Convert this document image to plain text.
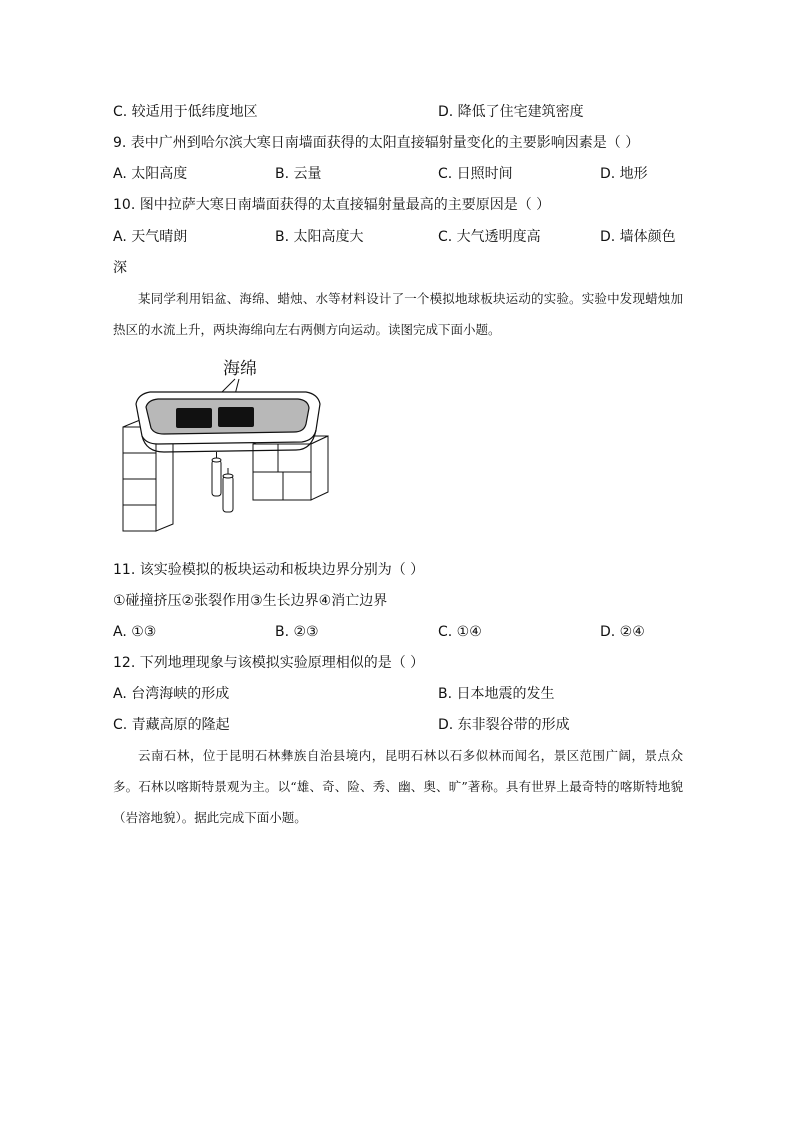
C. 较适用于低纬度地区	D. 降低了住宅建筑密度
9. 表中广州到哈尔滨大寒日南墙面获得的太阳直接辐射量变化的主要影响因素是（ ）
A. 太阳高度	B. 云量	C. 日照时间	D. 地形
10. 图中拉萨大寒日南墙面获得的太直接辐射量最高的主要原因是（ ）
A. 天气晴朗	B. 太阳高度大	C. 大气透明度高	D. 墙体颜色
深
某同学利用铝盆、海绵、蜡烛、水等材料设计了一个模拟地球板块运动的实验。实验中发现蜡烛加热区的水流上升，两块海绵向左右两侧方向运动。读图完成下面小题。
海绵
11. 该实验模拟的板块运动和板块边界分别为（ ）
①碰撞挤压②张裂作用③生长边界④消亡边界
A. ①③	B. ②③	C. ①④	D. ②④
12. 下列地理现象与该模拟实验原理相似的是（ ）
A. 台湾海峡的形成	B. 日本地震的发生
C. 青藏高原的隆起	D. 东非裂谷带的形成
云南石林，位于昆明石林彝族自治县境内，昆明石林以石多似林而闻名，景区范围广阔，景点众多。石林以喀斯特景观为主。以“雄、奇、险、秀、幽、奥、旷”著称。具有世界上最奇特的喀斯特地貌（岩溶地貌）。据此完成下面小题。
